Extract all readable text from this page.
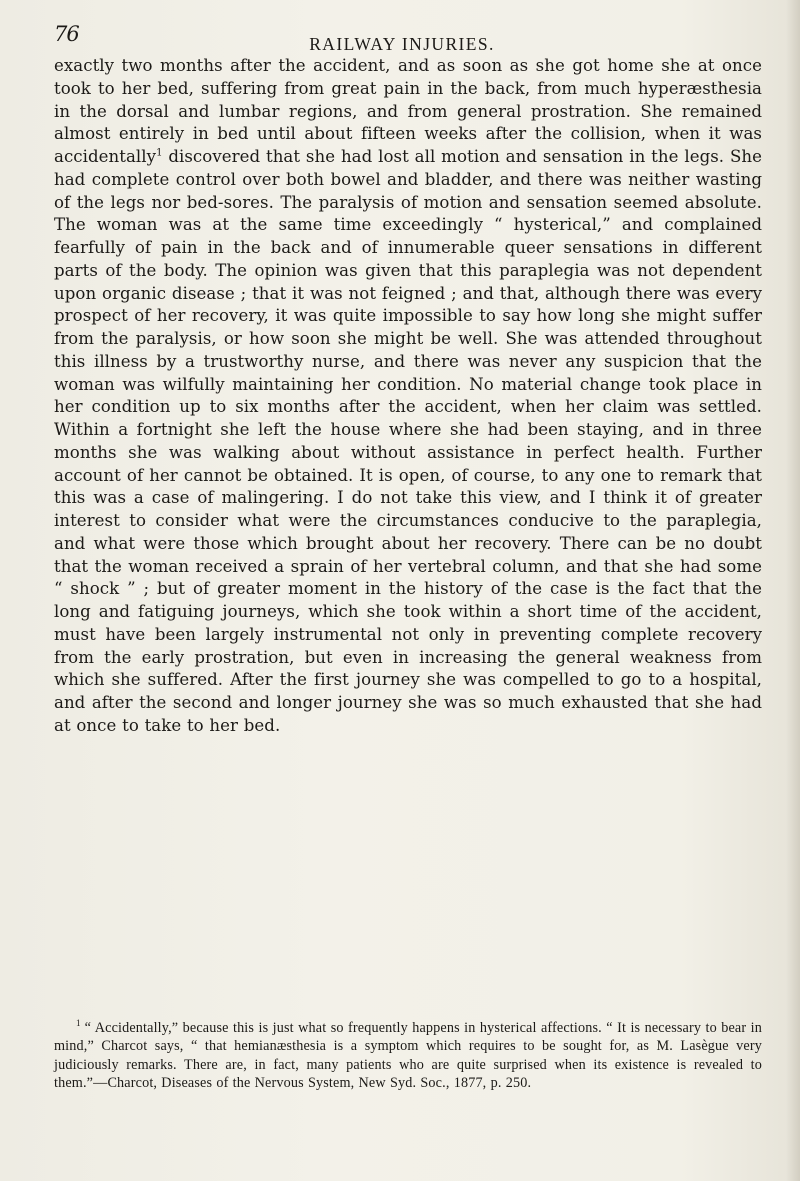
76	RAILWAY INJURIES.

exactly two months after the accident, and as soon as she got home she at once took to her bed, suffering from great pain in the back, from much hyperæsthesia in the dorsal and lumbar regions, and from general prostration. She remained almost entirely in bed until about fifteen weeks after the collision, when it was accidentally$^1$ discovered that she had lost all motion and sensation in the legs. She had complete control over both bowel and bladder, and there was neither wasting of the legs nor bed-sores. The paralysis of motion and sensation seemed absolute. The woman was at the same time exceedingly “ hysterical,” and complained fearfully of pain in the back and of innumerable queer sensations in different parts of the body. The opinion was given that this paraplegia was not dependent upon organic disease ; that it was not feigned ; and that, although there was every prospect of her recovery, it was quite impossible to say how long she might suffer from the paralysis, or how soon she might be well. She was attended throughout this illness by a trustworthy nurse, and there was never any suspicion that the woman was wilfully maintaining her condition. No material change took place in her condition up to six months after the accident, when her claim was settled. Within a fortnight she left the house where she had been staying, and in three months she was walking about without assistance in perfect health. Further account of her cannot be obtained. It is open, of course, to any one to remark that this was a case of malingering. I do not take this view, and I think it of greater interest to consider what were the circumstances conducive to the paraplegia, and what were those which brought about her recovery. There can be no doubt that the woman received a sprain of her vertebral column, and that she had some “ shock ” ; but of greater moment in the history of the case is the fact that the long and fatiguing journeys, which she took within a short time of the accident, must have been largely instrumental not only in preventing complete recovery from the early prostration, but even in increasing the general weakness from which she suffered. After the first journey she was compelled to go to a hospital, and after the second and longer journey she was so much exhausted that she had at once to take to her bed.

$^1$ “ Accidentally,” because this is just what so frequently happens in hysterical affections. “ It is necessary to bear in mind,” Charcot says, “ that hemianæsthesia is a symptom which requires to be sought for, as M. Lasègue very judiciously remarks. There are, in fact, many patients who are quite surprised when its existence is revealed to them.”—Charcot, Diseases of the Nervous System, New Syd. Soc., 1877, p. 250.
